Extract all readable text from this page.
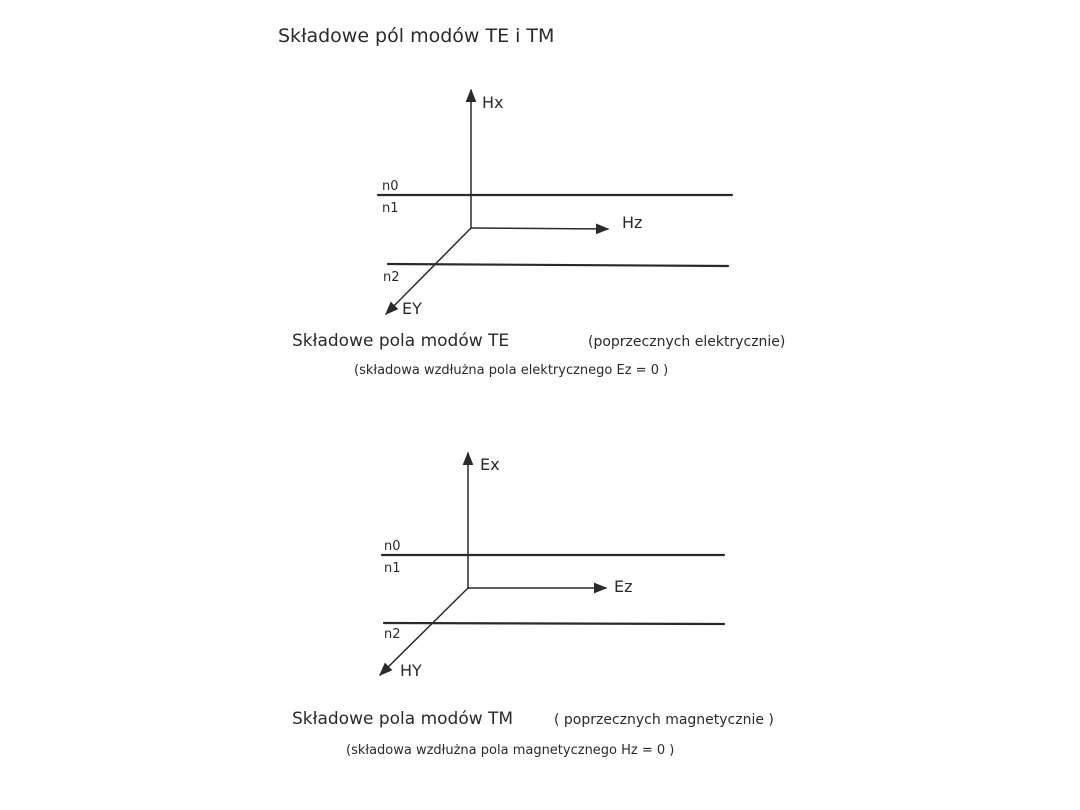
Składowe pól modów TE i TM
Hx
Hz
EY
n0
n1
n2
Składowe pola modów TE	(poprzecznych elektrycznie)
(składowa wzdłużna pola elektrycznego Ez = 0 )
Ex
Ez
HY
n0
n1
n2
Składowe pola modów TM	( poprzecznych magnetycznie )
(składowa wzdłużna pola magnetycznego Hz = 0 )
